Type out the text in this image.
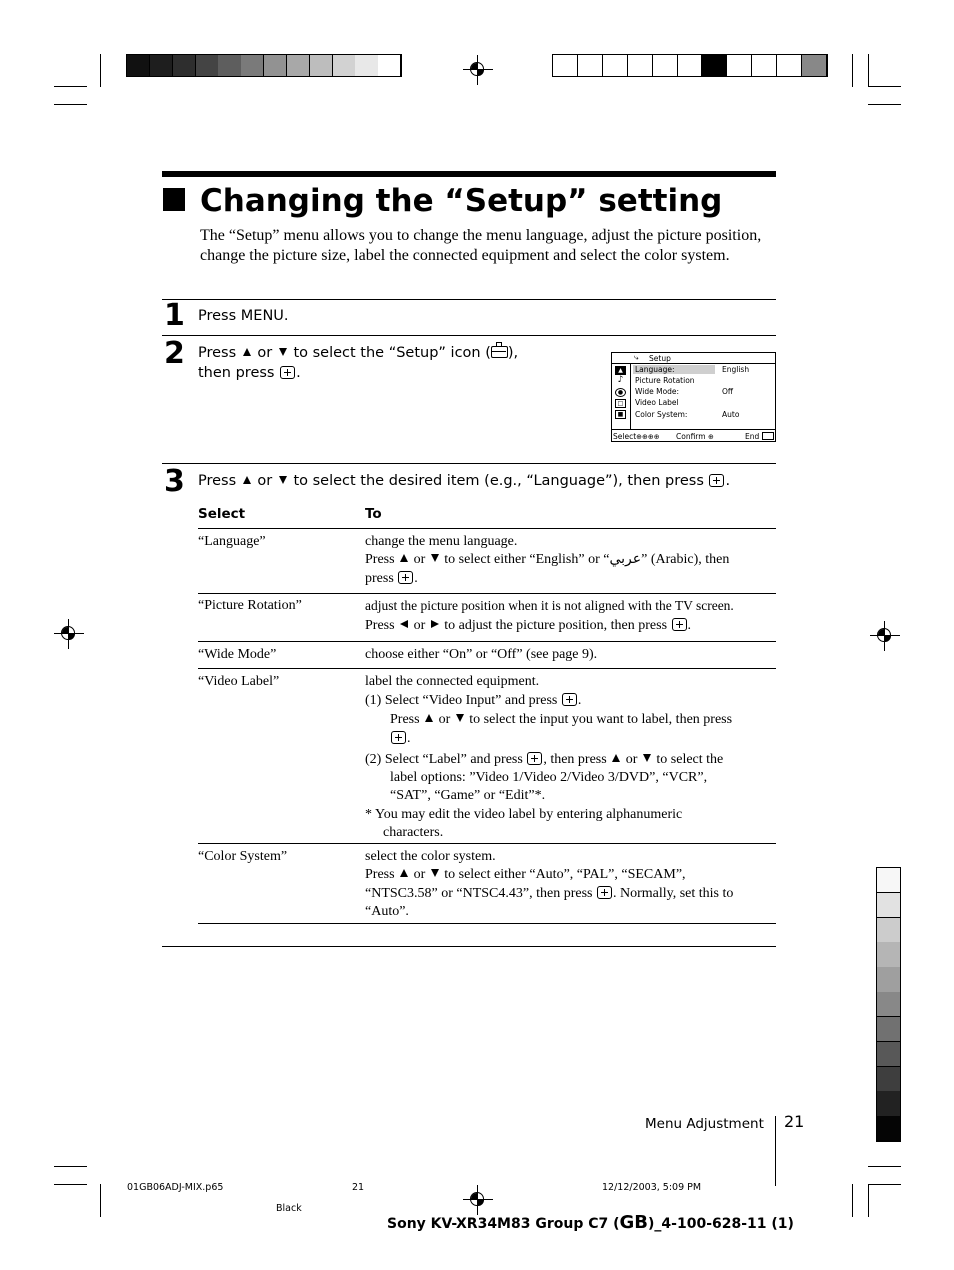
Changing the “Setup” setting
The “Setup” menu allows you to change the menu language, adjust the picture position, change the picture size, label the connected equipment and select the color system.
1 Press MENU.
2 Press or to select the “Setup” icon ( ),
then press .
⤷ Setup
▲
♪
●
□
■
Language:	English
Picture Rotation
Wide Mode:	Off
Video Label
Color System:	Auto
Select⊕⊕⊕⊕ Confirm ⊕	End
3 Press or to select the desired item (e.g., “Language”), then press .
Select	To
“Language”	change the menu language.
Press or to select either “English” or “عربي” (Arabic), then
press .
“Picture Rotation”	adjust the picture position when it is not aligned with the TV screen.
Press or to adjust the picture position, then press .
“Wide Mode”	choose either “On” or “Off” (see page 9).
“Video Label”	label the connected equipment.
(1) Select “Video Input” and press .
Press or to select the input you want to label, then press
.
(2) Select “Label” and press , then press or to select the
label options: ”Video 1/Video 2/Video 3/DVD”, “VCR”,
“SAT”, “Game” or “Edit”*.
* You may edit the video label by entering alphanumeric
characters.
“Color System”	select the color system.
Press or to select either “Auto”, “PAL”, “SECAM”,
“NTSC3.58” or “NTSC4.43”, then press . Normally, set this to
“Auto”.
Menu Adjustment 21
01GB06ADJ-MIX.p65	21	12/12/2003, 5:09 PM
Black
Sony KV-XR34M83 Group C7 (GB)_4-100-628-11 (1)
